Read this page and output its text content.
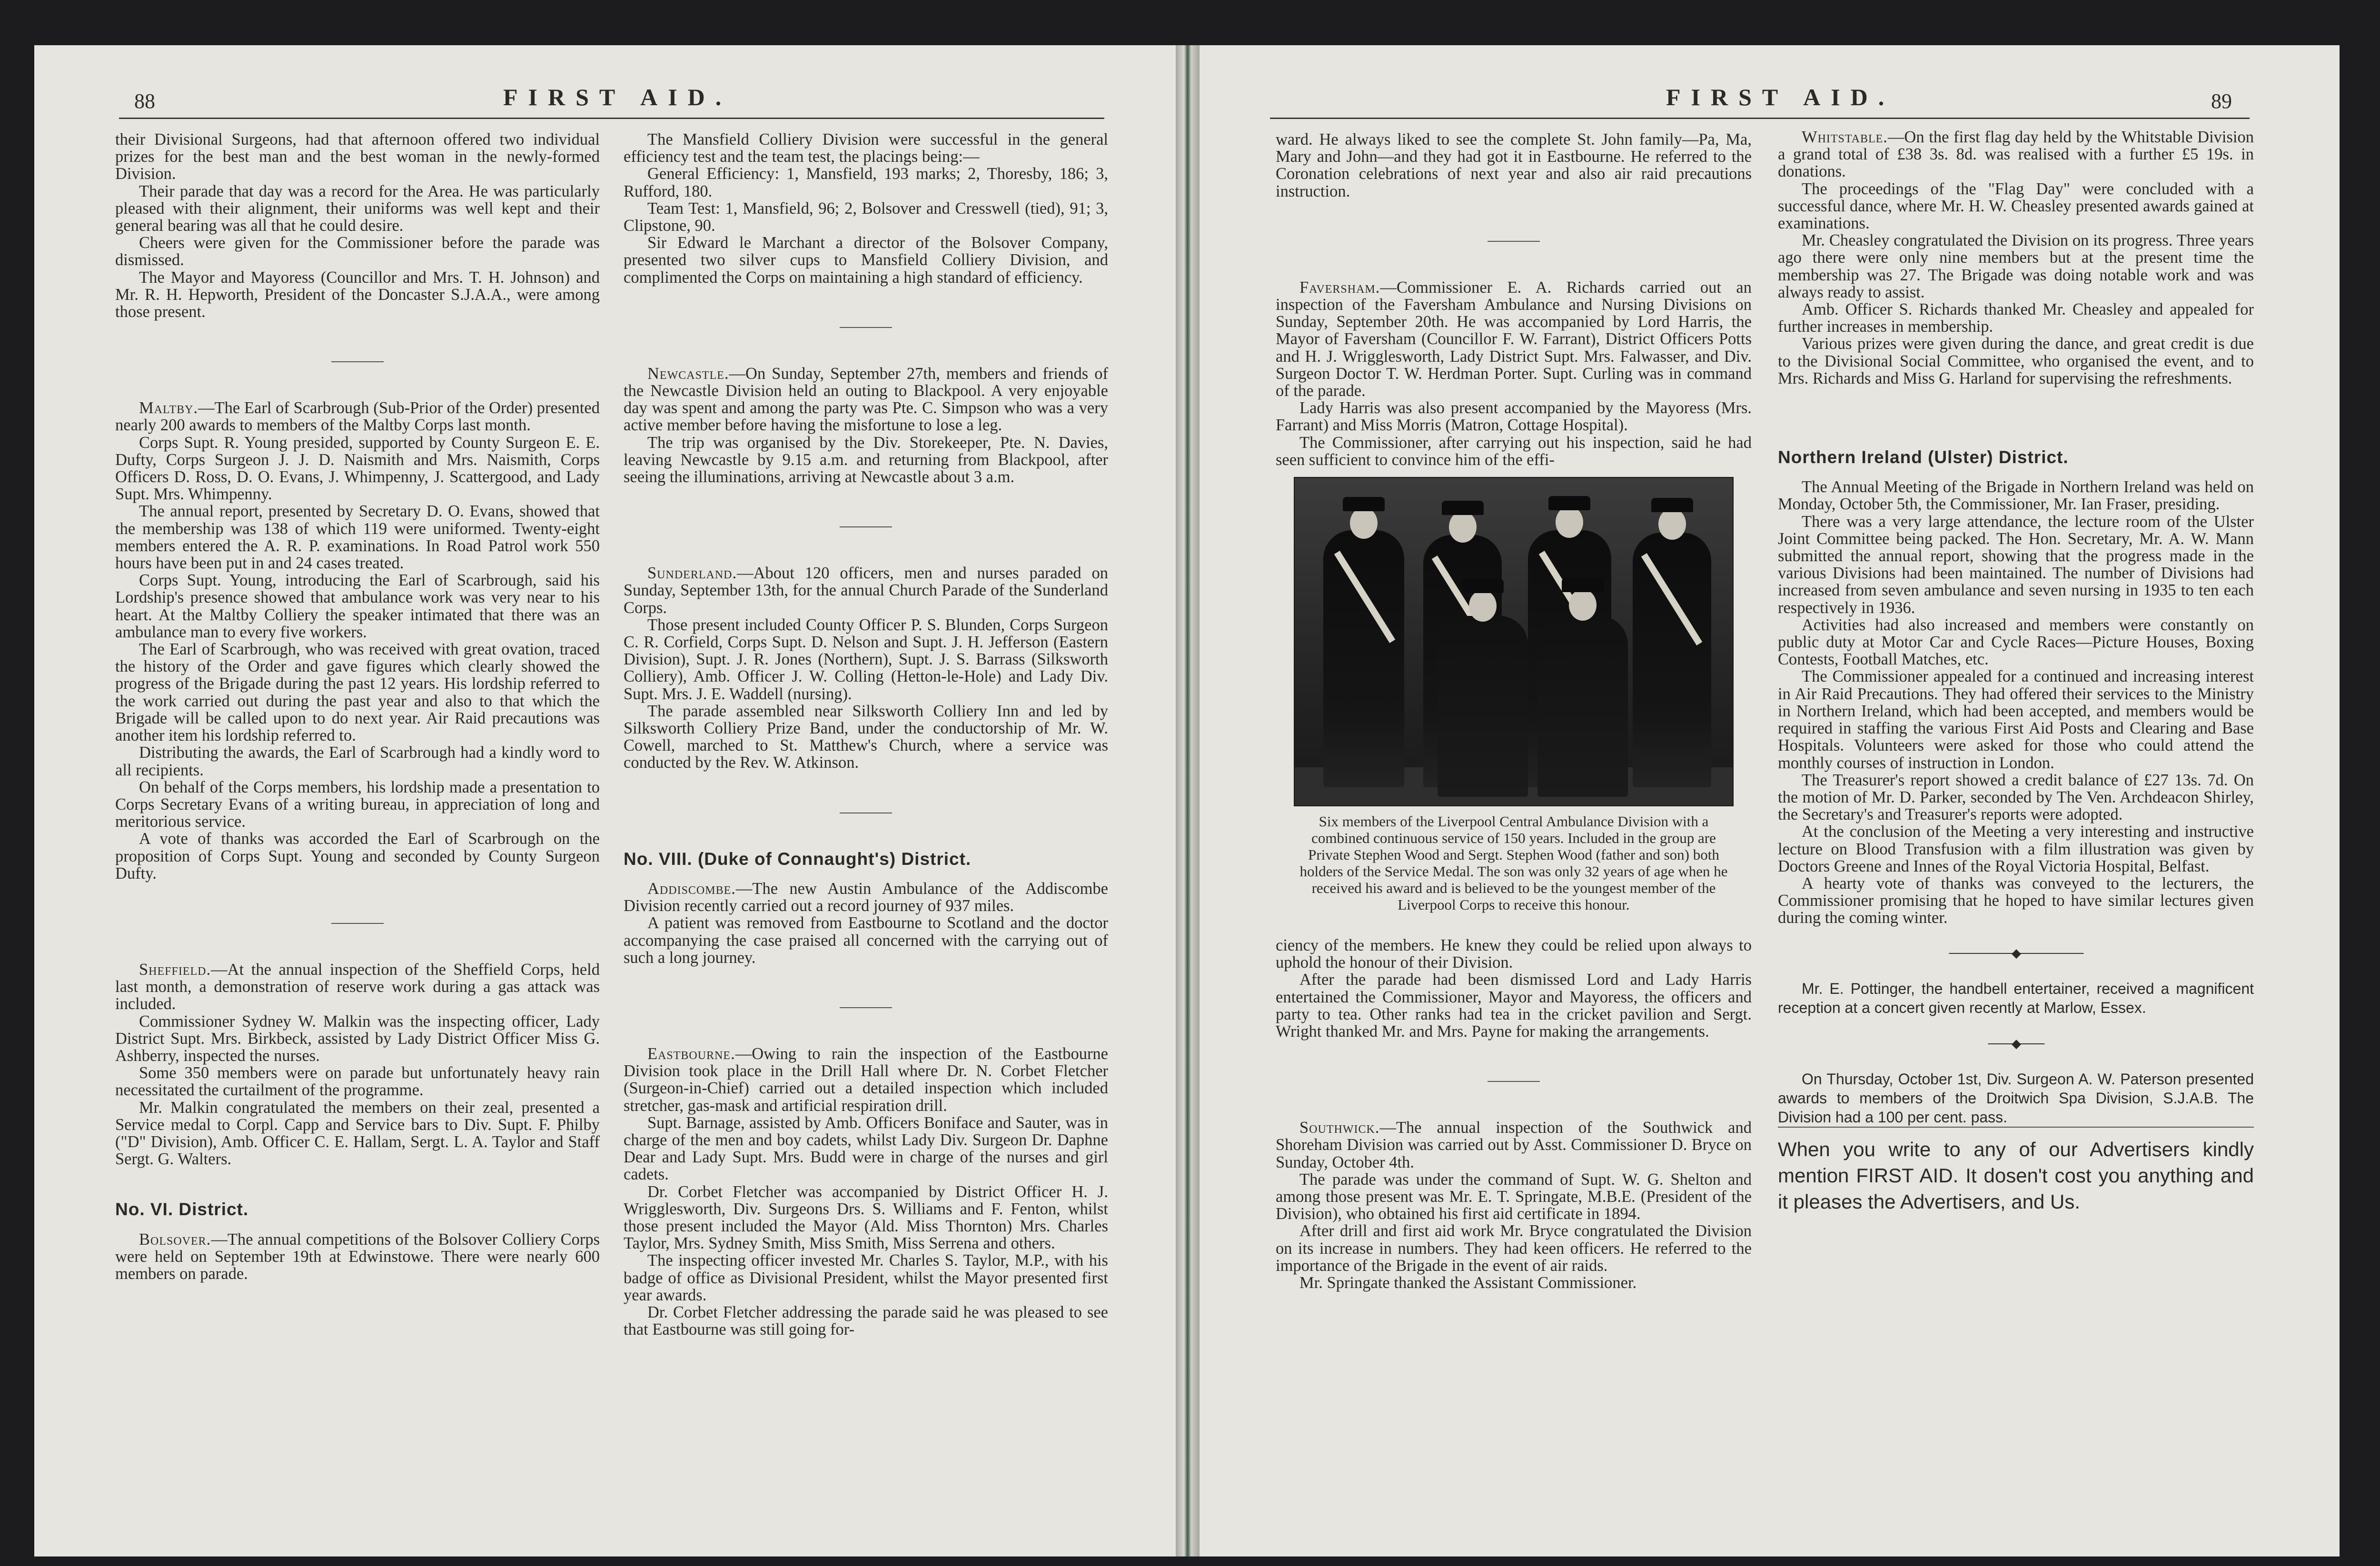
88	FIRST AID.

their Divisional Surgeons, had that afternoon offered two individual prizes for the best man and the best woman in the newly-formed Division.

Their parade that day was a record for the Area. He was particularly pleased with their alignment, their uniforms was well kept and their general bearing was all that he could desire.

Cheers were given for the Commissioner before the parade was dismissed.

The Mayor and Mayoress (Councillor and Mrs. T. H. Johnson) and Mr. R. H. Hepworth, President of the Doncaster S.J.A.A., were among those present.

Maltby.—The Earl of Scarbrough (Sub-Prior of the Order) presented nearly 200 awards to members of the Maltby Corps last month.

Corps Supt. R. Young presided, supported by County Surgeon E. E. Dufty, Corps Surgeon J. J. D. Naismith and Mrs. Naismith, Corps Officers D. Ross, D. O. Evans, J. Whimpenny, J. Scattergood, and Lady Supt. Mrs. Whimpenny.

The annual report, presented by Secretary D. O. Evans, showed that the membership was 138 of which 119 were uniformed. Twenty-eight members entered the A. R. P. examinations. In Road Patrol work 550 hours have been put in and 24 cases treated.

Corps Supt. Young, introducing the Earl of Scarbrough, said his Lordship's presence showed that ambulance work was very near to his heart. At the Maltby Colliery the speaker intimated that there was an ambulance man to every five workers.

The Earl of Scarbrough, who was received with great ovation, traced the history of the Order and gave figures which clearly showed the progress of the Brigade during the past 12 years. His lordship referred to the work carried out during the past year and also to that which the Brigade will be called upon to do next year. Air Raid precautions was another item his lordship referred to.

Distributing the awards, the Earl of Scarbrough had a kindly word to all recipients.

On behalf of the Corps members, his lordship made a presentation to Corps Secretary Evans of a writing bureau, in appreciation of long and meritorious service.

A vote of thanks was accorded the Earl of Scarbrough on the proposition of Corps Supt. Young and seconded by County Surgeon Dufty.

Sheffield.—At the annual inspection of the Sheffield Corps, held last month, a demonstration of reserve work during a gas attack was included.

Commissioner Sydney W. Malkin was the inspecting officer, Lady District Supt. Mrs. Birkbeck, assisted by Lady District Officer Miss G. Ashberry, inspected the nurses.

Some 350 members were on parade but unfortunately heavy rain necessitated the curtailment of the programme.

Mr. Malkin congratulated the members on their zeal, presented a Service medal to Corpl. Capp and Service bars to Div. Supt. F. Philby ("D" Division), Amb. Officer C. E. Hallam, Sergt. L. A. Taylor and Staff Sergt. G. Walters.

No. VI. District.

Bolsover.—The annual competitions of the Bolsover Colliery Corps were held on September 19th at Edwinstowe. There were nearly 600 members on parade.

The Mansfield Colliery Division were successful in the general efficiency test and the team test, the placings being:—

General Efficiency: 1, Mansfield, 193 marks; 2, Thoresby, 186; 3, Rufford, 180.

Team Test: 1, Mansfield, 96; 2, Bolsover and Cresswell (tied), 91; 3, Clipstone, 90.

Sir Edward le Marchant a director of the Bolsover Company, presented two silver cups to Mansfield Colliery Division, and complimented the Corps on maintaining a high standard of efficiency.

Newcastle.—On Sunday, September 27th, members and friends of the Newcastle Division held an outing to Blackpool. A very enjoyable day was spent and among the party was Pte. C. Simpson who was a very active member before having the misfortune to lose a leg.

The trip was organised by the Div. Storekeeper, Pte. N. Davies, leaving Newcastle by 9.15 a.m. and returning from Blackpool, after seeing the illuminations, arriving at Newcastle about 3 a.m.

Sunderland.—About 120 officers, men and nurses paraded on Sunday, September 13th, for the annual Church Parade of the Sunderland Corps.

Those present included County Officer P. S. Blunden, Corps Surgeon C. R. Corfield, Corps Supt. D. Nelson and Supt. J. H. Jefferson (Eastern Division), Supt. J. R. Jones (Northern), Supt. J. S. Barrass (Silksworth Colliery), Amb. Officer J. W. Colling (Hetton-le-Hole) and Lady Div. Supt. Mrs. J. E. Waddell (nursing).

The parade assembled near Silksworth Colliery Inn and led by Silksworth Colliery Prize Band, under the conductorship of Mr. W. Cowell, marched to St. Matthew's Church, where a service was conducted by the Rev. W. Atkinson.

No. VIII. (Duke of Connaught's) District.

Addiscombe.—The new Austin Ambulance of the Addiscombe Division recently carried out a record journey of 937 miles.

A patient was removed from Eastbourne to Scotland and the doctor accompanying the case praised all concerned with the carrying out of such a long journey.

Eastbourne.—Owing to rain the inspection of the Eastbourne Division took place in the Drill Hall where Dr. N. Corbet Fletcher (Surgeon-in-Chief) carried out a detailed inspection which included stretcher, gas-mask and artificial respiration drill.

Supt. Barnage, assisted by Amb. Officers Boniface and Sauter, was in charge of the men and boy cadets, whilst Lady Div. Surgeon Dr. Daphne Dear and Lady Supt. Mrs. Budd were in charge of the nurses and girl cadets.

Dr. Corbet Fletcher was accompanied by District Officer H. J. Wrigglesworth, Div. Surgeons Drs. S. Williams and F. Fenton, whilst those present included the Mayor (Ald. Miss Thornton) Mrs. Charles Taylor, Mrs. Sydney Smith, Miss Smith, Miss Serrena and others.

The inspecting officer invested Mr. Charles S. Taylor, M.P., with his badge of office as Divisional President, whilst the Mayor presented first year awards.

Dr. Corbet Fletcher addressing the parade said he was pleased to see that Eastbourne was still going for-

FIRST AID.	89

ward. He always liked to see the complete St. John family—Pa, Ma, Mary and John—and they had got it in Eastbourne. He referred to the Coronation celebrations of next year and also air raid precautions instruction.

Faversham.—Commissioner E. A. Richards carried out an inspection of the Faversham Ambulance and Nursing Divisions on Sunday, September 20th. He was accompanied by Lord Harris, the Mayor of Faversham (Councillor F. W. Farrant), District Officers Potts and H. J. Wrigglesworth, Lady District Supt. Mrs. Falwasser, and Div. Surgeon Doctor T. W. Herdman Porter. Supt. Curling was in command of the parade.

Lady Harris was also present accompanied by the Mayoress (Mrs. Farrant) and Miss Morris (Matron, Cottage Hospital).

The Commissioner, after carrying out his inspection, said he had seen sufficient to convince him of the effi-

Six members of the Liverpool Central Ambulance Division with a combined continuous service of 150 years. Included in the group are Private Stephen Wood and Sergt. Stephen Wood (father and son) both holders of the Service Medal. The son was only 32 years of age when he received his award and is believed to be the youngest member of the Liverpool Corps to receive this honour.

ciency of the members. He knew they could be relied upon always to uphold the honour of their Division.

After the parade had been dismissed Lord and Lady Harris entertained the Commissioner, Mayor and Mayoress, the officers and party to tea. Other ranks had tea in the cricket pavilion and Sergt. Wright thanked Mr. and Mrs. Payne for making the arrangements.

Southwick.—The annual inspection of the Southwick and Shoreham Division was carried out by Asst. Commissioner D. Bryce on Sunday, October 4th.

The parade was under the command of Supt. W. G. Shelton and among those present was Mr. E. T. Springate, M.B.E. (President of the Division), who obtained his first aid certificate in 1894.

After drill and first aid work Mr. Bryce congratulated the Division on its increase in numbers. They had keen officers. He referred to the importance of the Brigade in the event of air raids.

Mr. Springate thanked the Assistant Commissioner.

Whitstable.—On the first flag day held by the Whitstable Division a grand total of £38 3s. 8d. was realised with a further £5 19s. in donations.

The proceedings of the "Flag Day" were concluded with a successful dance, where Mr. H. W. Cheasley presented awards gained at examinations.

Mr. Cheasley congratulated the Division on its progress. Three years ago there were only nine members but at the present time the membership was 27. The Brigade was doing notable work and was always ready to assist.

Amb. Officer S. Richards thanked Mr. Cheasley and appealed for further increases in membership.

Various prizes were given during the dance, and great credit is due to the Divisional Social Committee, who organised the event, and to Mrs. Richards and Miss G. Harland for supervising the refreshments.

Northern Ireland (Ulster) District.

The Annual Meeting of the Brigade in Northern Ireland was held on Monday, October 5th, the Commissioner, Mr. Ian Fraser, presiding.

There was a very large attendance, the lecture room of the Ulster Joint Committee being packed. The Hon. Secretary, Mr. A. W. Mann submitted the annual report, showing that the progress made in the various Divisions had been maintained. The number of Divisions had increased from seven ambulance and seven nursing in 1935 to ten each respectively in 1936.

Activities had also increased and members were constantly on public duty at Motor Car and Cycle Races—Picture Houses, Boxing Contests, Football Matches, etc.

The Commissioner appealed for a continued and increasing interest in Air Raid Precautions. They had offered their services to the Ministry in Northern Ireland, which had been accepted, and members would be required in staffing the various First Aid Posts and Clearing and Base Hospitals. Volunteers were asked for those who could attend the monthly courses of instruction in London.

The Treasurer's report showed a credit balance of £27 13s. 7d. On the motion of Mr. D. Parker, seconded by The Ven. Archdeacon Shirley, the Secretary's and Treasurer's reports were adopted.

At the conclusion of the Meeting a very interesting and instructive lecture on Blood Transfusion with a film illustration was given by Doctors Greene and Innes of the Royal Victoria Hospital, Belfast.

A hearty vote of thanks was conveyed to the lecturers, the Commissioner promising that he hoped to have similar lectures given during the coming winter.

────────◆────────

Mr. E. Pottinger, the handbell entertainer, received a magnificent reception at a concert given recently at Marlow, Essex.

───◆───

On Thursday, October 1st, Div. Surgeon A. W. Paterson presented awards to members of the Droitwich Spa Division, S.J.A.B. The Division had a 100 per cent. pass.

When you write to any of our Advertisers kindly mention FIRST AID. It dosen't cost you anything and it pleases the Advertisers, and Us.
